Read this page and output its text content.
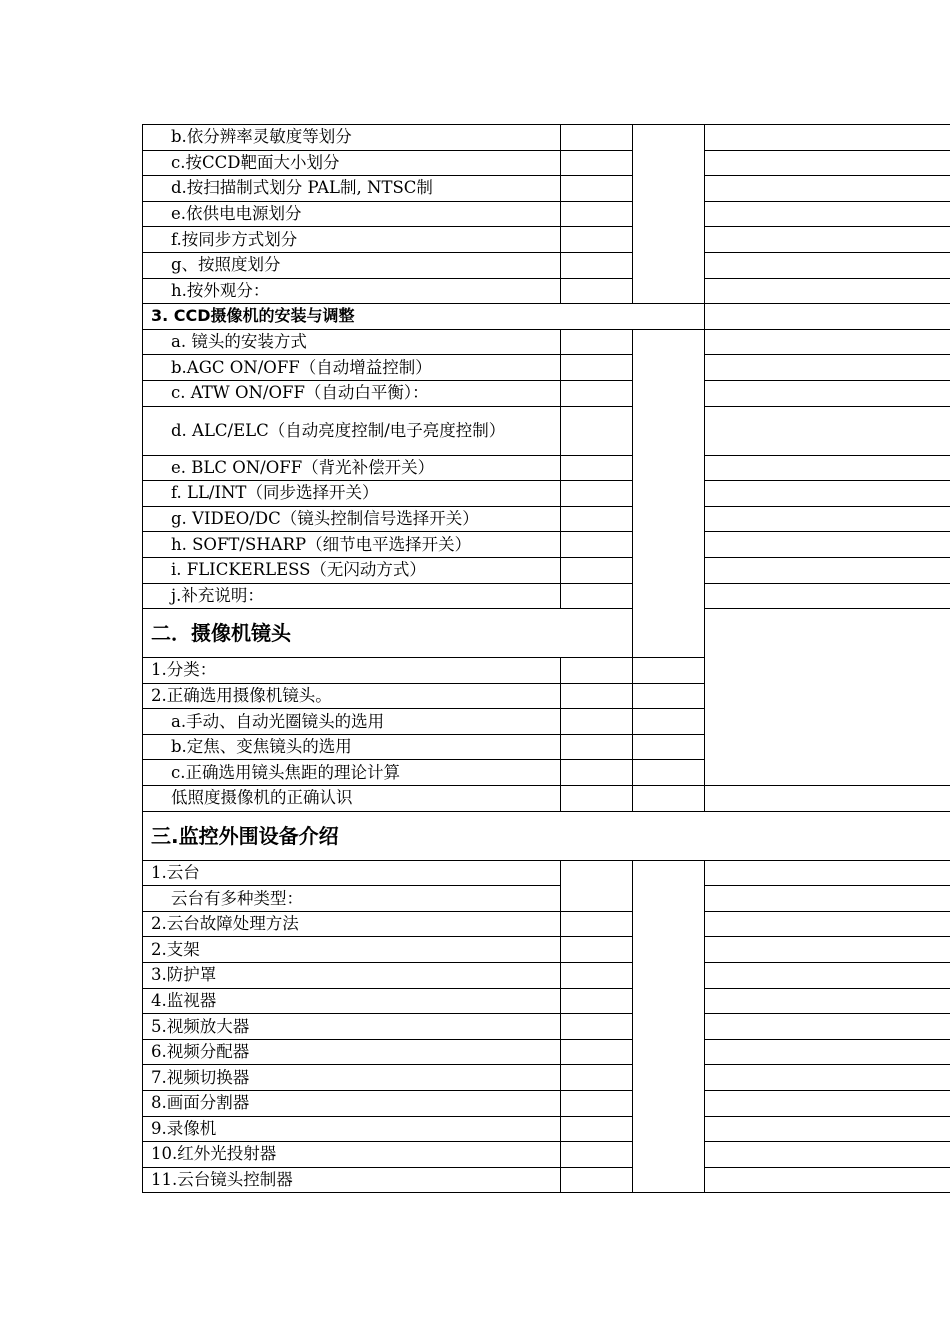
b.依分辨率灵敏度等划分				
c.按CCD靶面大小划分				
d.按扫描制式划分 PAL制, NTSC制				
e.依供电电源划分				
f.按同步方式划分				
g、按照度划分				
h.按外观分：				
3. CCD摄像机的安装与调整				
a. 镜头的安装方式				
b.AGC ON/OFF（自动增益控制）				
c. ATW ON/OFF（自动白平衡）：				
d. ALC/ELC（自动亮度控制/电子亮度控制）				
e. BLC ON/OFF（背光补偿开关）				
f. LL/INT（同步选择开关）				
g. VIDEO/DC（镜头控制信号选择开关）				
h. SOFT/SHARP（细节电平选择开关）				
i. FLICKERLESS（无闪动方式）				
j.补充说明：				
二．摄像机镜头				
1.分类：				
2.正确选用摄像机镜头。				
a.手动、自动光圈镜头的选用				
b.定焦、变焦镜头的选用				
c.正确选用镜头焦距的理论计算				
低照度摄像机的正确认识				
三.监控外围设备介绍				
1.云台				
云台有多种类型：				
2.云台故障处理方法				
2.支架				
3.防护罩				
4.监视器				
5.视频放大器				
6.视频分配器				
7.视频切换器				
8.画面分割器				
9.录像机				
10.红外光投射器				
11.云台镜头控制器				
